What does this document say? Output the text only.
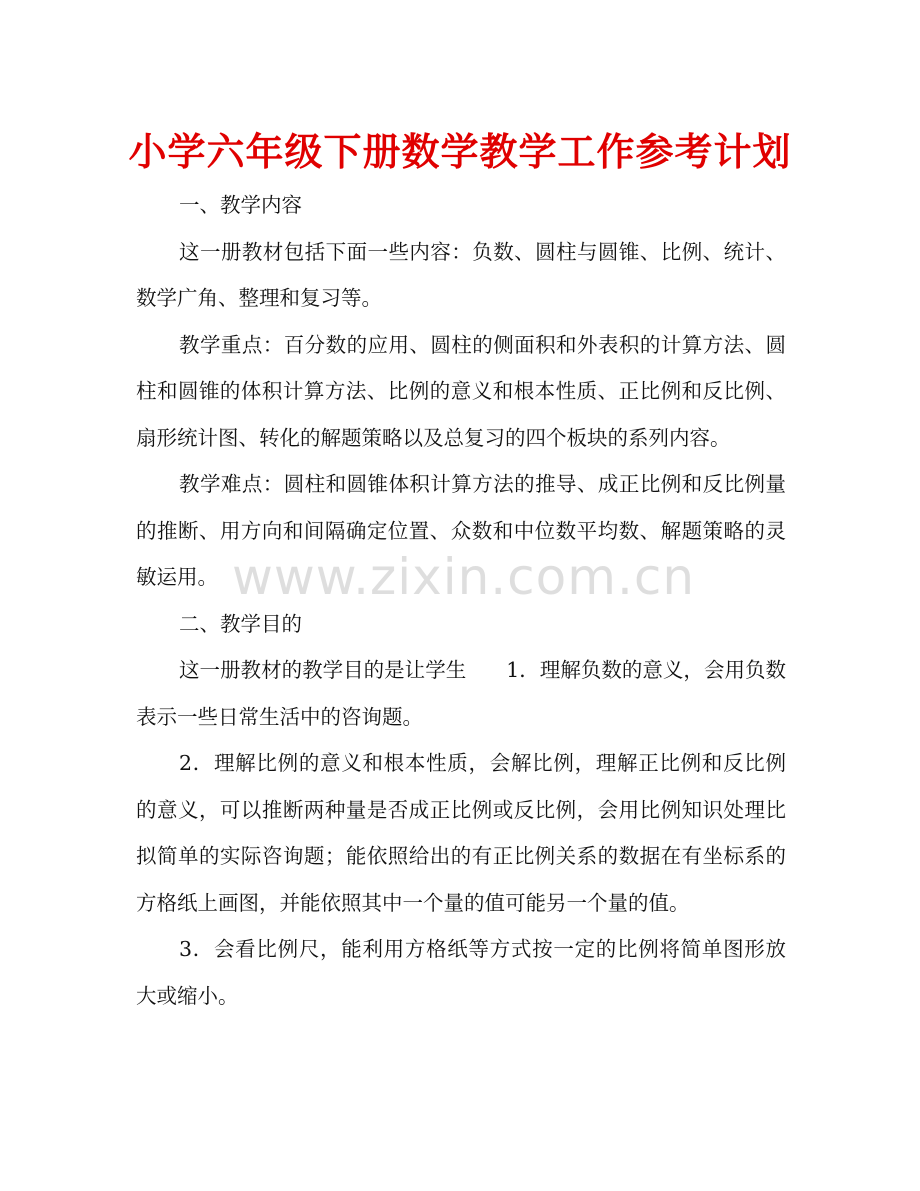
小学六年级下册数学教学工作参考计划

一、教学内容

这一册教材包括下面一些内容：负数、圆柱与圆锥、比例、统计、数学广角、整理和复习等。

教学重点：百分数的应用、圆柱的侧面积和外表积的计算方法、圆柱和圆锥的体积计算方法、比例的意义和根本性质、正比例和反比例、扇形统计图、转化的解题策略以及总复习的四个板块的系列内容。

教学难点：圆柱和圆锥体积计算方法的推导、成正比例和反比例量的推断、用方向和间隔确定位置、众数和中位数平均数、解题策略的灵敏运用。

二、教学目的

这一册教材的教学目的是让学生 1．理解负数的意义，会用负数表示一些日常生活中的咨询题。

2．理解比例的意义和根本性质，会解比例，理解正比例和反比例的意义，可以推断两种量是否成正比例或反比例，会用比例知识处理比拟简单的实际咨询题；能依照给出的有正比例关系的数据在有坐标系的方格纸上画图，并能依照其中一个量的值可能另一个量的值。

3．会看比例尺，能利用方格纸等方式按一定的比例将简单图形放大或缩小。

www.zixin.com.cn
